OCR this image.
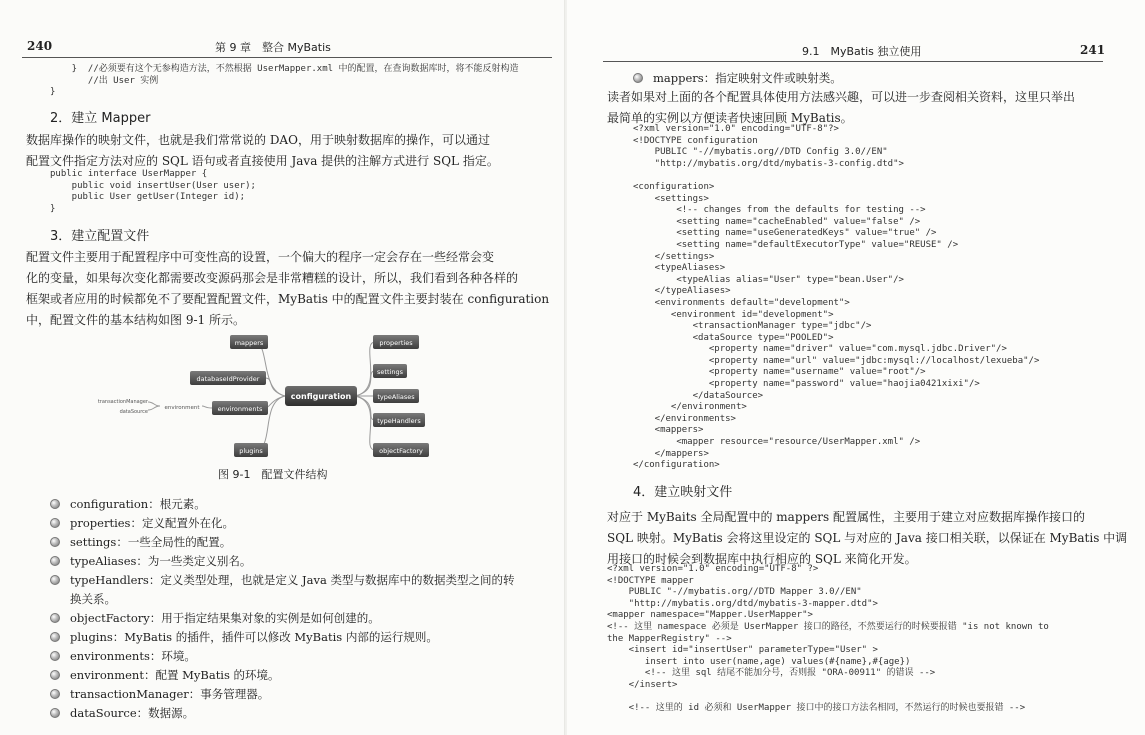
240	第 9 章　整合 MyBatis
}  //必须要有这个无参构造方法，不然根据 UserMapper.xml 中的配置，在查询数据库时，将不能反射构造
//出 User 实例
}
2．建立 Mapper
数据库操作的映射文件，也就是我们常常说的 DAO，用于映射数据库的操作，可以通过
配置文件指定方法对应的 SQL 语句或者直接使用 Java 提供的注解方式进行 SQL 指定。
public interface UserMapper {
public void insertUser(User user);
public User getUser(Integer id);
}
3．建立配置文件
配置文件主要用于配置程序中可变性高的设置，一个偏大的程序一定会存在一些经常会变
化的变量，如果每次变化都需要改变源码那会是非常糟糕的设计，所以，我们看到各种各样的
框架或者应用的时候都免不了要配置配置文件，MyBatis 中的配置文件主要封装在 configuration
中，配置文件的基本结构如图 9-1 所示。
mappers
databaseIdProvider
environments
plugins
configuration
properties
settings
typeAliases
typeHandlers
objectFactory
environment
transactionManager
dataSource
图 9-1　配置文件结构
configuration：根元素。
properties：定义配置外在化。
settings：一些全局性的配置。
typeAliases：为一些类定义别名。
typeHandlers：定义类型处理，也就是定义 Java 类型与数据库中的数据类型之间的转
换关系。
objectFactory：用于指定结果集对象的实例是如何创建的。
plugins：MyBatis 的插件，插件可以修改 MyBatis 内部的运行规则。
environments：环境。
environment：配置 MyBatis 的环境。
transactionManager：事务管理器。
dataSource：数据源。
9.1　MyBatis 独立使用	241
mappers：指定映射文件或映射类。
读者如果对上面的各个配置具体使用方法感兴趣，可以进一步查阅相关资料，这里只举出
最简单的实例以方便读者快速回顾 MyBatis。
<?xml version="1.0" encoding="UTF-8"?>
<!DOCTYPE configuration
PUBLIC "-//mybatis.org//DTD Config 3.0//EN"
"http://mybatis.org/dtd/mybatis-3-config.dtd">

<configuration>
<settings>
<!-- changes from the defaults for testing -->
<setting name="cacheEnabled" value="false" />
<setting name="useGeneratedKeys" value="true" />
<setting name="defaultExecutorType" value="REUSE" />
</settings>
<typeAliases>
<typeAlias alias="User" type="bean.User"/>
</typeAliases>
<environments default="development">
<environment id="development">
<transactionManager type="jdbc"/>
<dataSource type="POOLED">
<property name="driver" value="com.mysql.jdbc.Driver"/>
<property name="url" value="jdbc:mysql://localhost/lexueba"/>
<property name="username" value="root"/>
<property name="password" value="haojia0421xixi"/>
</dataSource>
</environment>
</environments>
<mappers>
<mapper resource="resource/UserMapper.xml" />
</mappers>
</configuration>
4．建立映射文件
对应于 MyBaits 全局配置中的 mappers 配置属性，主要用于建立对应数据库操作接口的
SQL 映射。MyBatis 会将这里设定的 SQL 与对应的 Java 接口相关联，以保证在 MyBatis 中调
用接口的时候会到数据库中执行相应的 SQL 来简化开发。
<?xml version="1.0" encoding="UTF-8" ?>
<!DOCTYPE mapper
PUBLIC "-//mybatis.org//DTD Mapper 3.0//EN"
"http://mybatis.org/dtd/mybatis-3-mapper.dtd">
<mapper namespace="Mapper.UserMapper">
<!-- 这里 namespace 必须是 UserMapper 接口的路径，不然要运行的时候要报错 "is not known to
the MapperRegistry" -->
<insert id="insertUser" parameterType="User" >
insert into user(name,age) values(#{name},#{age})
<!-- 这里 sql 结尾不能加分号，否则报 "ORA-00911" 的错误 -->
</insert>

<!-- 这里的 id 必须和 UserMapper 接口中的接口方法名相同，不然运行的时候也要报错 -->
